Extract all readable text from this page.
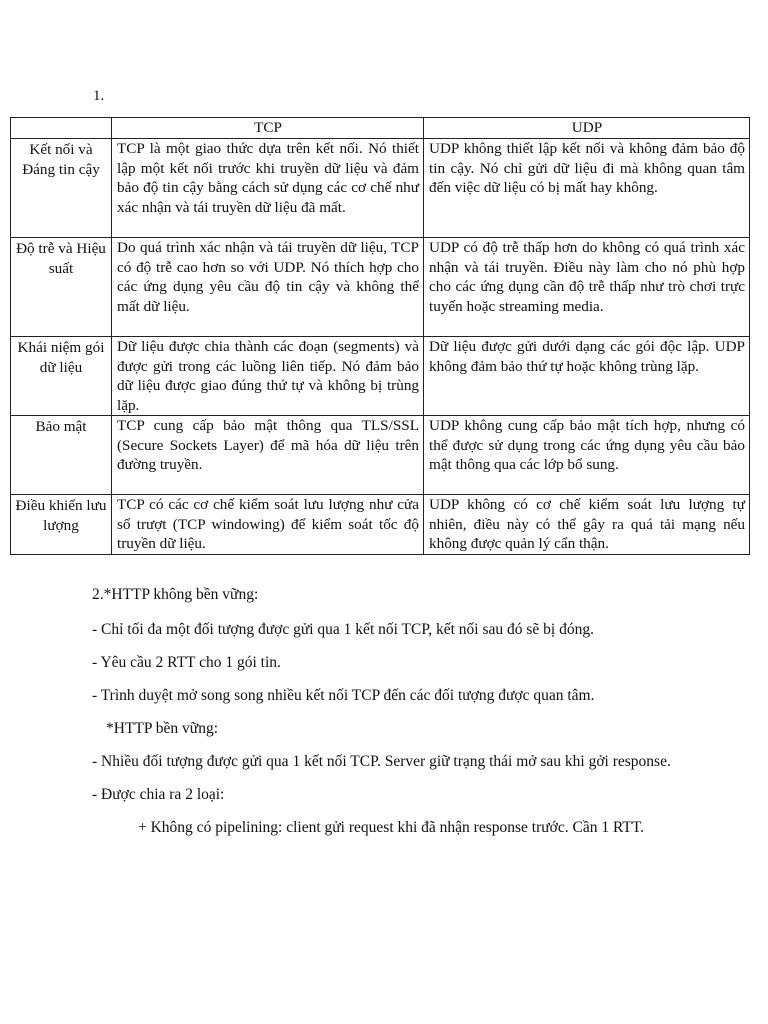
1.
	TCP	UDP
Kết nối và Đáng tin cậy	TCP là một giao thức dựa trên kết nối. Nó thiết lập một kết nối trước khi truyền dữ liệu và đảm bảo độ tin cậy bằng cách sử dụng các cơ chế như xác nhận và tái truyền dữ liệu đã mất.	UDP không thiết lập kết nối và không đảm bảo độ tin cậy. Nó chỉ gửi dữ liệu đi mà không quan tâm đến việc dữ liệu có bị mất hay không.
Độ trễ và Hiệu suất	Do quá trình xác nhận và tái truyền dữ liệu, TCP có độ trễ cao hơn so với UDP. Nó thích hợp cho các ứng dụng yêu cầu độ tin cậy và không thể mất dữ liệu.	UDP có độ trễ thấp hơn do không có quá trình xác nhận và tái truyền. Điều này làm cho nó phù hợp cho các ứng dụng cần độ trễ thấp như trò chơi trực tuyến hoặc streaming media.
Khái niệm gói dữ liệu	Dữ liệu được chia thành các đoạn (segments) và được gửi trong các luồng liên tiếp. Nó đảm bảo dữ liệu được giao đúng thứ tự và không bị trùng lặp.	Dữ liệu được gửi dưới dạng các gói độc lập. UDP không đảm bảo thứ tự hoặc không trùng lặp.
Bảo mật	TCP cung cấp bảo mật thông qua TLS/SSL (Secure Sockets Layer) để mã hóa dữ liệu trên đường truyền.	UDP không cung cấp bảo mật tích hợp, nhưng có thể được sử dụng trong các ứng dụng yêu cầu bảo mật thông qua các lớp bổ sung.
Điều khiển lưu lượng	TCP có các cơ chế kiểm soát lưu lượng như cửa sổ trượt (TCP windowing) để kiểm soát tốc độ truyền dữ liệu.	UDP không có cơ chế kiểm soát lưu lượng tự nhiên, điều này có thể gây ra quá tải mạng nếu không được quản lý cẩn thận.

2.*HTTP không bền vững:

- Chỉ tối đa một đối tượng được gửi qua 1 kết nối TCP, kết nối sau đó sẽ bị đóng.

- Yêu cầu 2 RTT cho 1 gói tin.

- Trình duyệt mở song song nhiều kết nối TCP đến các đối tượng được quan tâm.

*HTTP bền vững:

- Nhiều đối tượng được gửi qua 1 kết nối TCP. Server giữ trạng thái mở sau khi gởi response.

- Được chia ra 2 loại:

+ Không có pipelining: client gửi request khi đã nhận response trước. Cần 1 RTT.
